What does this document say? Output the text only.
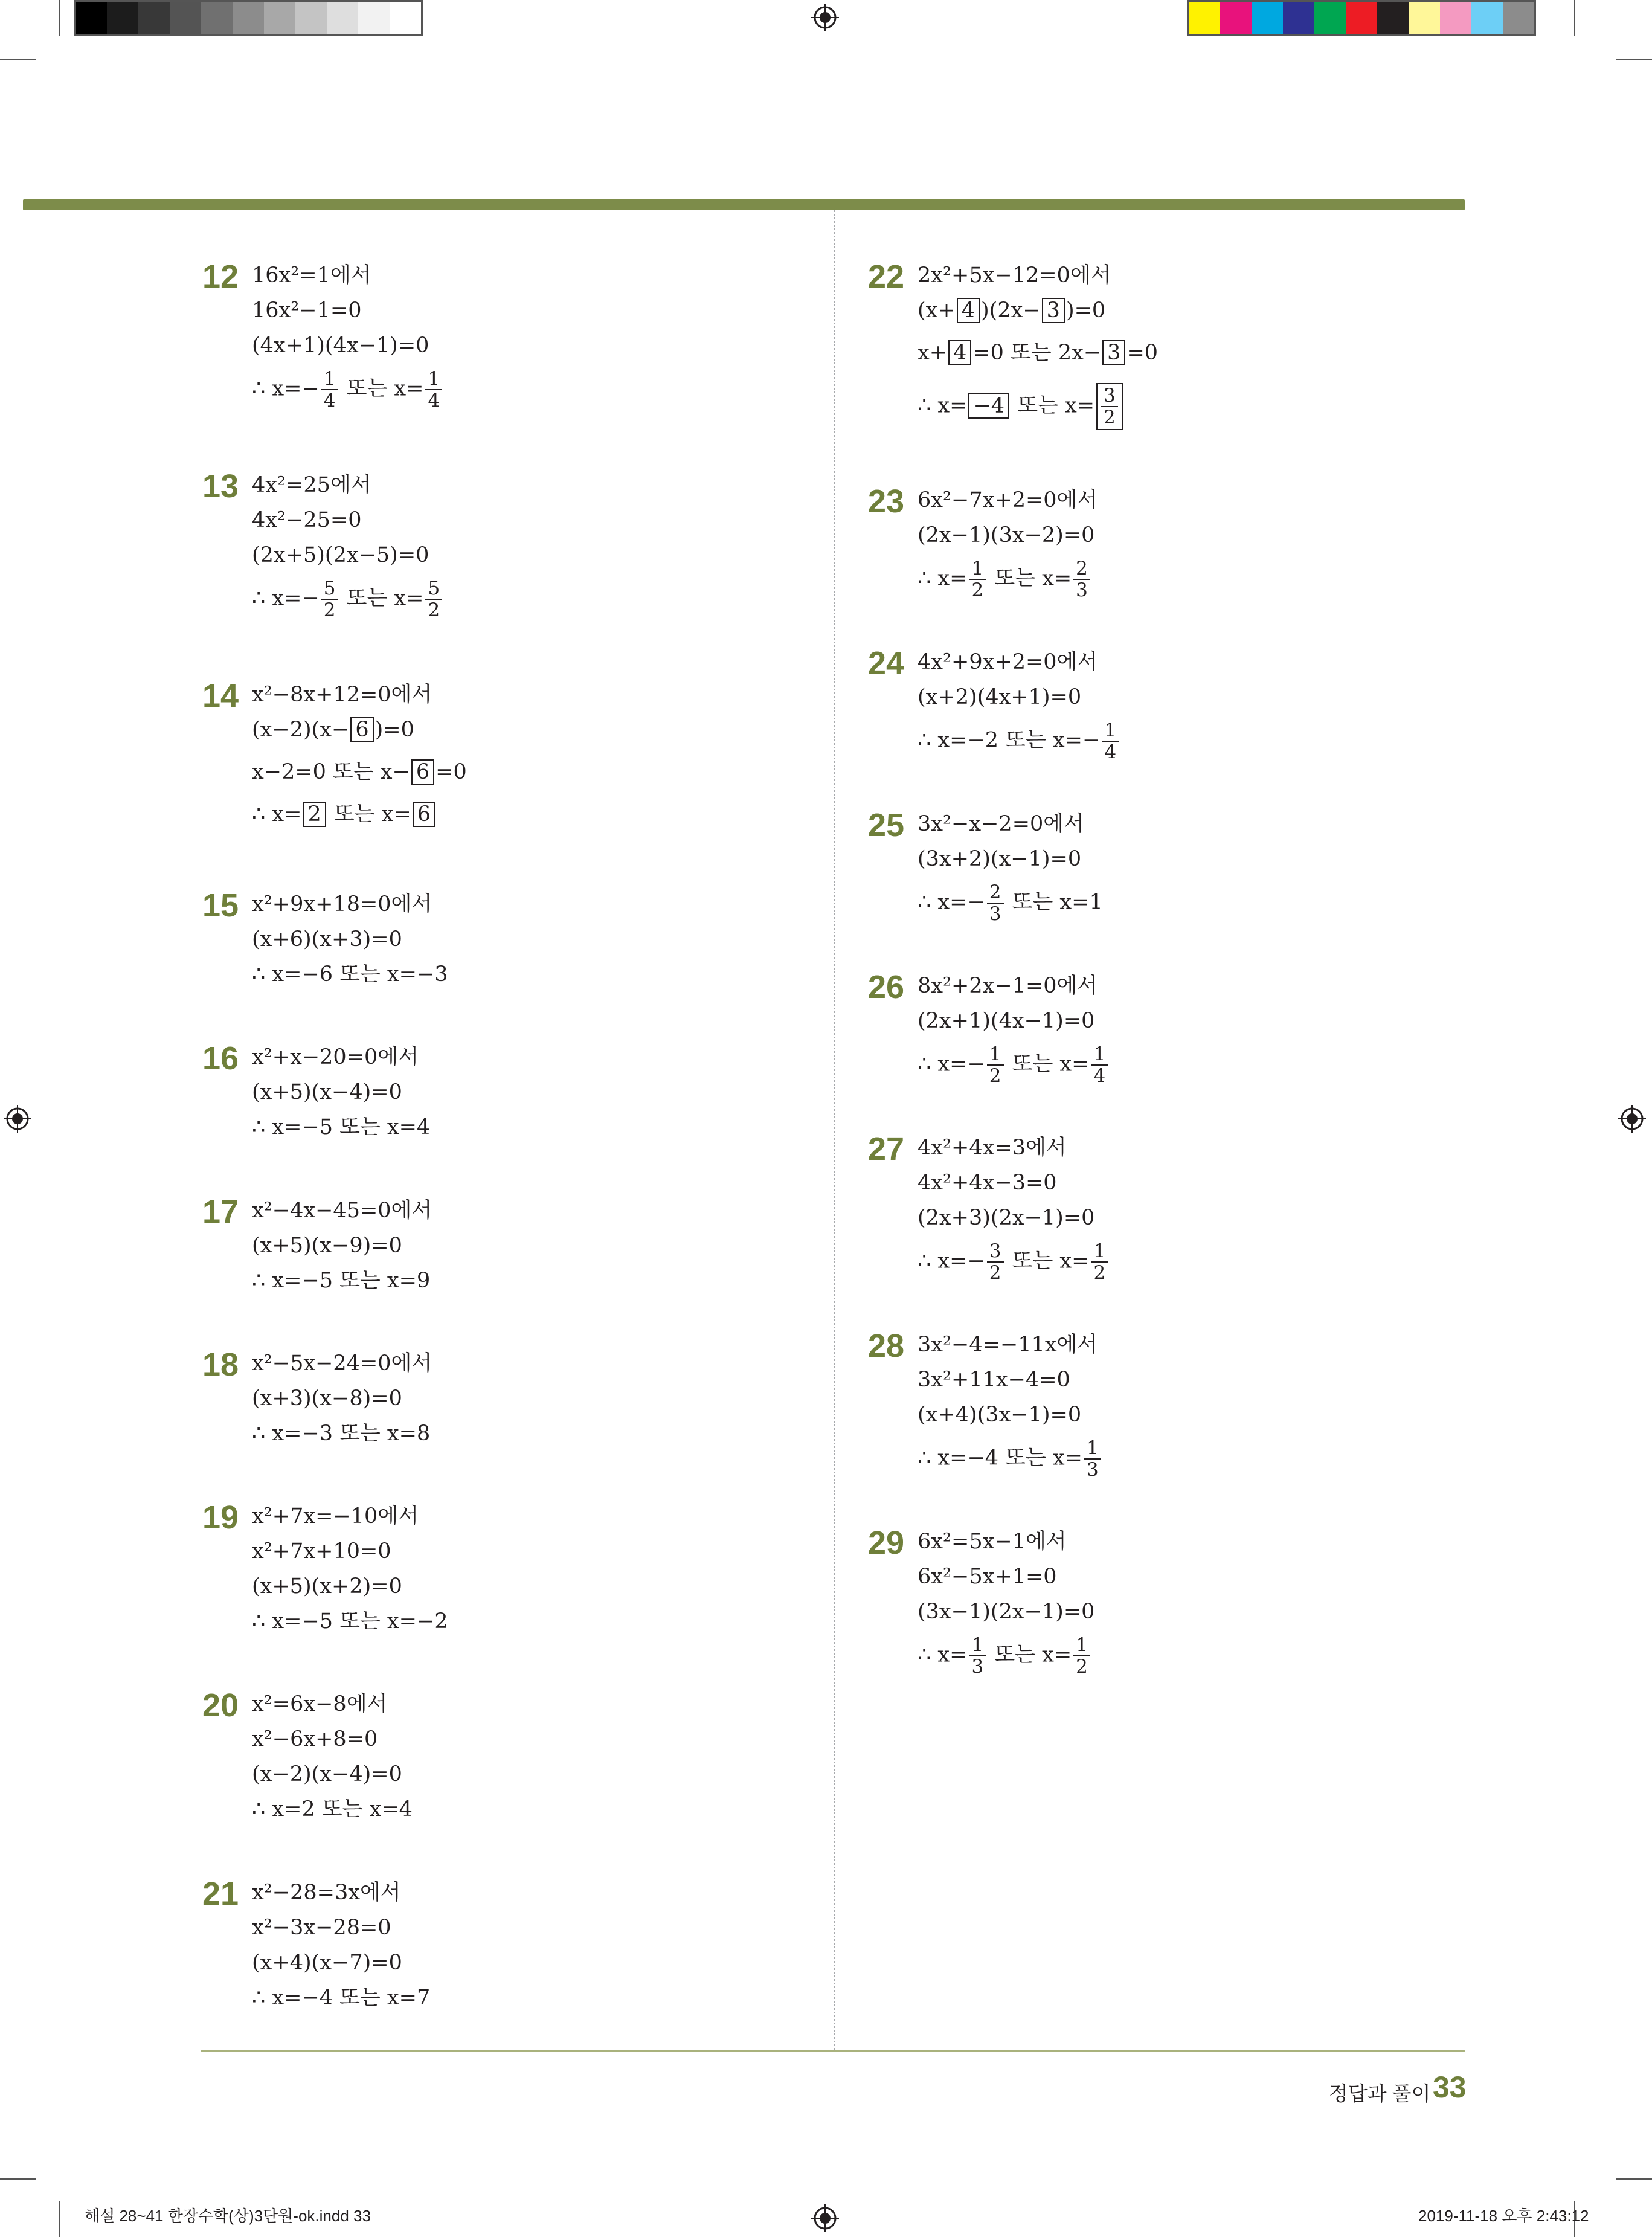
12 16x²=1에서
16x²−1=0
(4x+1)(4x−1)=0
∴ $x=- \frac{1}{4}$ 또는 $x= \frac{1}{4}$
13 4x²=25에서
4x²−25=0
(2x+5)(2x−5)=0
∴ $x=- \frac{5}{2}$ 또는 $x= \frac{5}{2}$
14 x²−8x+12=0에서
(x−2)(x− 6 )=0
x−2=0 또는 x− 6 =0
∴ x= 2 또는 x= 6
15 x²+9x+18=0에서
(x+6)(x+3)=0
∴ x=−6 또는 x=−3
16 x²+x−20=0에서
(x+5)(x−4)=0
∴ x=−5 또는 x=4
17 x²−4x−45=0에서
(x+5)(x−9)=0
∴ x=−5 또는 x=9
18 x²−5x−24=0에서
(x+3)(x−8)=0
∴ x=−3 또는 x=8
19 x²+7x=−10에서
x²+7x+10=0
(x+5)(x+2)=0
∴ x=−5 또는 x=−2
20 x²=6x−8에서
x²−6x+8=0
(x−2)(x−4)=0
∴ x=2 또는 x=4
21 x²−28=3x에서
x²−3x−28=0
(x+4)(x−7)=0
∴ x=−4 또는 x=7
22 2x²+5x−12=0에서
(x+ 4 )(2x− 3 )=0
x+ 4 =0 또는 2x− 3 =0
∴ x= −4 또는 $x= \frac{3}{2}$
23 6x²−7x+2=0에서
(2x−1)(3x−2)=0
∴ $x= \frac{1}{2}$ 또는 $x= \frac{2}{3}$
24 4x²+9x+2=0에서
(x+2)(4x+1)=0
∴ x=−2 또는 $x=- \frac{1}{4}$
25 3x²−x−2=0에서
(3x+2)(x−1)=0
∴ $x=- \frac{2}{3}$ 또는 x=1
26 8x²+2x−1=0에서
(2x+1)(4x−1)=0
∴ $x=- \frac{1}{2}$ 또는 $x= \frac{1}{4}$
27 4x²+4x=3에서
4x²+4x−3=0
(2x+3)(2x−1)=0
∴ $x=- \frac{3}{2}$ 또는 $x= \frac{1}{2}$
28 3x²−4=−11x에서
3x²+11x−4=0
(x+4)(3x−1)=0
∴ x=−4 또는 $x= \frac{1}{3}$
29 6x²=5x−1에서
6x²−5x+1=0
(3x−1)(2x−1)=0
∴ $x= \frac{1}{3}$ 또는 $x= \frac{1}{2}$
정답과 풀이 33
해설 28~41 한장수학(상)3단원-ok.indd 33	2019-11-18 오후 2:43:12
